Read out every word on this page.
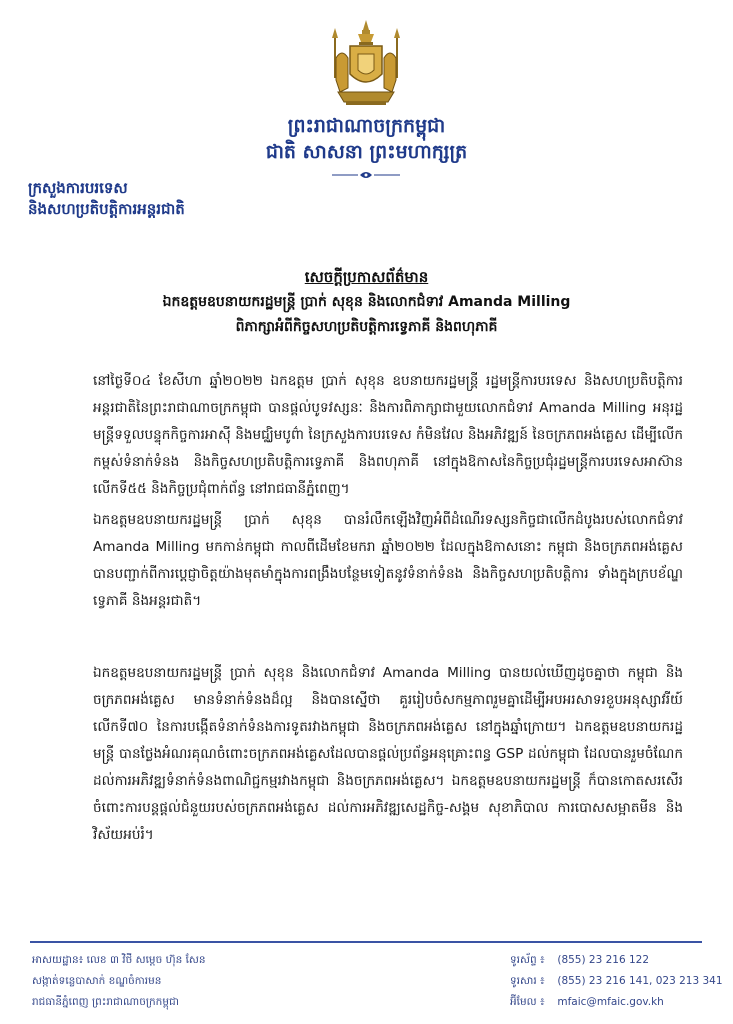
ព្រះរាជាណាចក្រកម្ពុជា
ជាតិ សាសនា ព្រះមហាក្សត្រ
ក្រសួងការបរទេស
និងសហប្រតិបត្តិការអន្តរជាតិ
សេចក្តីប្រកាសព័ត៌មាន
ឯកឧត្តមឧបនាយករដ្ឋមន្ត្រី ប្រាក់ សុខុន និងលោកជំទាវ Amanda Milling
ពិភាក្សាអំពីកិច្ចសហប្រតិបត្តិការទ្វេភាគី និងពហុភាគី

នៅថ្ងៃទី០៤ ខែសីហា ឆ្នាំ២០២២ ឯកឧត្តម ប្រាក់ សុខុន ឧបនាយករដ្ឋមន្ត្រី រដ្ឋមន្ត្រីការបរទេស និងសហប្រតិបត្តិការអន្តរជាតិនៃព្រះរាជាណាចក្រកម្ពុជា បានផ្តល់បូទវស្សនៈ និងការពិភាក្សាជាមួយលោកជំទាវ Amanda Milling អនុរដ្ឋមន្ត្រីទទួលបន្ទុកកិច្ចការអាស៊ី និងមជ្ឈិមបូព៌ា នៃក្រសួងការបរទេស កំមិនវែល និងអភិវឌ្ឍន៍ នៃចក្រភពអង់គ្លេស ដើម្បីលើកកម្ពស់ទំនាក់ទំនង និងកិច្ចសហប្រតិបត្តិការទ្វេភាគី និងពហុភាគី នៅក្នុងឱកាសនៃកិច្ចប្រជុំរដ្ឋមន្ត្រីការបរទេសអាស៊ានលើកទី៥៥ និងកិច្ចប្រជុំពាក់ព័ន្ធ នៅរាជធានីភ្នំពេញ។

ឯកឧត្តមឧបនាយករដ្ឋមន្ត្រី ប្រាក់ សុខុន បានរំលឹកឡើងវិញអំពីដំណើរទស្សនកិច្ចជាលើកដំបូងរបស់លោកជំទាវ Amanda Milling មកកាន់កម្ពុជា កាលពីដើមខែមករា ឆ្នាំ២០២២ ដែលក្នុងឱកាសនោះ កម្ពុជា និងចក្រភពអង់គ្លេស បានបញ្ជាក់ពីការប្តេជ្ញាចិត្តយ៉ាងមុតមាំក្នុងការពង្រឹងបន្ថែមទៀតនូវទំនាក់ទំនង និងកិច្ចសហប្រតិបត្តិការ ទាំងក្នុងក្របខ័ណ្ឌទ្វេភាគី និងអន្តរជាតិ។

ឯកឧត្តមឧបនាយករដ្ឋមន្ត្រី ប្រាក់ សុខុន និងលោកជំទាវ Amanda Milling បានយល់ឃើញដូចគ្នាថា កម្ពុជា និងចក្រភពអង់គ្លេស មានទំនាក់ទំនងដ៏ល្អ និងបានស្នើថា គួររៀបចំសកម្មភាពរួមគ្នាដើម្បីអបអរសាទរខួបអនុស្សាវរីយ៍លើកទី៧០ នៃការបង្កើតទំនាក់ទំនងការទូតរវាងកម្ពុជា និងចក្រភពអង់គ្លេស នៅក្នុងឆ្នាំក្រោយ។ ឯកឧត្តមឧបនាយករដ្ឋមន្ត្រី បានថ្លែងអំណរគុណចំពោះចក្រភពអង់គ្លេសដែលបានផ្តល់ប្រព័ន្ធអនុគ្រោះពន្ធ GSP ដល់កម្ពុជា ដែលបានរួមចំណែកដល់ការអភិវឌ្ឍទំនាក់ទំនងពាណិជ្ជកម្មរវាងកម្ពុជា និងចក្រភពអង់គ្លេស។ ឯកឧត្តមឧបនាយករដ្ឋមន្ត្រី ក៏បានកោតសរសើរចំពោះការបន្តផ្តល់ជំនួយរបស់ចក្រភពអង់គ្លេស ដល់ការអភិវឌ្ឍសេដ្ឋកិច្ច-សង្គម សុខាភិបាល ការបោសសម្អាតមីន និងវិស័យអប់រំ។

អាសយដ្ឋាន៖ លេខ ៣ វិថី សម្តេច ហ៊ុន សែន
សង្កាត់ទន្លេបាសាក់ ខណ្ឌចំការមន
រាជធានីភ្នំពេញ ព្រះរាជាណាចក្រកម្ពុជា
ទូរស័ព្ទ ៖ (855) 23 216 122
ទូរសារ ៖ (855) 23 216 141, 023 213 341
អ៊ីមែល ៖ mfaic@mfaic.gov.kh
